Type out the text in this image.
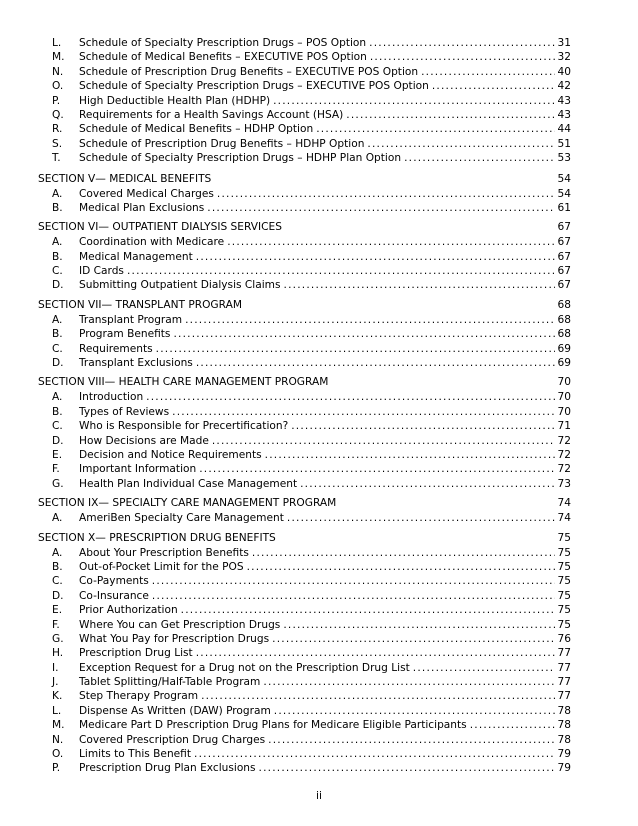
L. Schedule of Specialty Prescription Drugs – POS Option .....	31
M. Schedule of Medical Benefits – EXECUTIVE POS Option .....	32
N. Schedule of Prescription Drug Benefits – EXECUTIVE POS Option .....	40
O. Schedule of Specialty Prescription Drugs – EXECUTIVE POS Option .....	42
P. High Deductible Health Plan (HDHP) .....	43
Q. Requirements for a Health Savings Account (HSA) .....	43
R. Schedule of Medical Benefits – HDHP Option .....	44
S. Schedule of Prescription Drug Benefits – HDHP Option .....	51
T. Schedule of Specialty Prescription Drugs – HDHP Plan Option .....	53
SECTION V— MEDICAL BENEFITS	54
A. Covered Medical Charges .....	54
B. Medical Plan Exclusions .....	61
SECTION VI— OUTPATIENT DIALYSIS SERVICES	67
A. Coordination with Medicare .....	67
B. Medical Management .....	67
C. ID Cards .....	67
D. Submitting Outpatient Dialysis Claims .....	67
SECTION VII— TRANSPLANT PROGRAM	68
A. Transplant Program .....	68
B. Program Benefits .....	68
C. Requirements .....	69
D. Transplant Exclusions .....	69
SECTION VIII— HEALTH CARE MANAGEMENT PROGRAM	70
A. Introduction .....	70
B. Types of Reviews .....	70
C. Who is Responsible for Precertification? .....	71
D. How Decisions are Made .....	72
E. Decision and Notice Requirements .....	72
F. Important Information .....	72
G. Health Plan Individual Case Management .....	73
SECTION IX— SPECIALTY CARE MANAGEMENT PROGRAM	74
A. AmeriBen Specialty Care Management .....	74
SECTION X— PRESCRIPTION DRUG BENEFITS	75
A. About Your Prescription Benefits .....	75
B. Out-of-Pocket Limit for the POS .....	75
C. Co-Payments .....	75
D. Co-Insurance .....	75
E. Prior Authorization .....	75
F. Where You can Get Prescription Drugs .....	75
G. What You Pay for Prescription Drugs .....	76
H. Prescription Drug List .....	77
I. Exception Request for a Drug not on the Prescription Drug List .....	77
J. Tablet Splitting/Half-Table Program .....	77
K. Step Therapy Program .....	77
L. Dispense As Written (DAW) Program .....	78
M. Medicare Part D Prescription Drug Plans for Medicare Eligible Participants .....	78
N. Covered Prescription Drug Charges .....	78
O. Limits to This Benefit .....	79
P. Prescription Drug Plan Exclusions .....	79
ii
